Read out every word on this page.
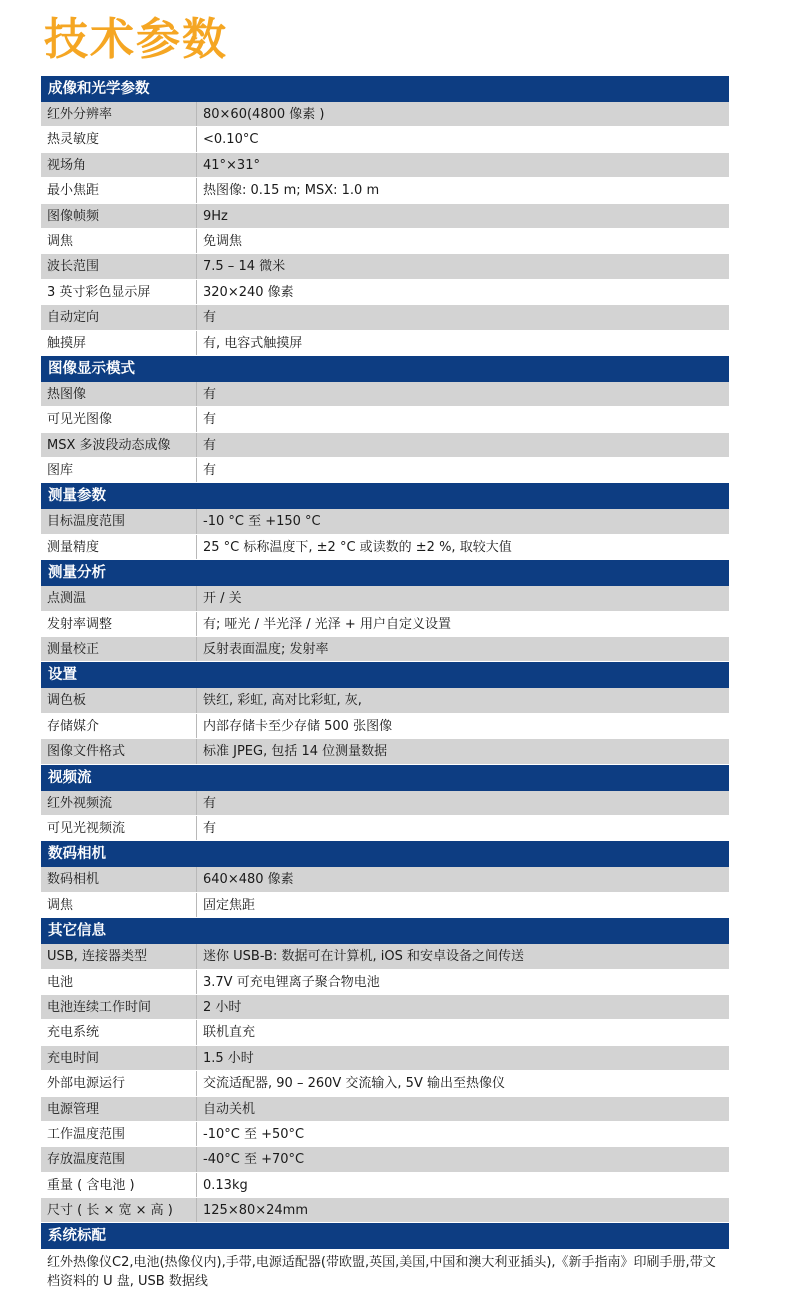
技术参数
成像和光学参数
红外分辨率	80×60(4800 像素 )
热灵敏度	<0.10°C
视场角	41°×31°
最小焦距	热图像: 0.15 m; MSX: 1.0 m
图像帧频	9Hz
调焦	免调焦
波长范围	7.5 – 14 微米
3 英寸彩色显示屏	320×240 像素
自动定向	有
触摸屏	有, 电容式触摸屏
图像显示模式
热图像	有
可见光图像	有
MSX 多波段动态成像	有
图库	有
测量参数
目标温度范围	-10 °C 至 +150 °C
测量精度	25 °C 标称温度下, ±2 °C 或读数的 ±2 %, 取较大值
测量分析
点测温	开 / 关
发射率调整	有; 哑光 / 半光泽 / 光泽 + 用户自定义设置
测量校正	反射表面温度; 发射率
设置
调色板	铁红, 彩虹, 高对比彩虹, 灰,
存储媒介	内部存储卡至少存储 500 张图像
图像文件格式	标准 JPEG, 包括 14 位测量数据
视频流
红外视频流	有
可见光视频流	有
数码相机
数码相机	640×480 像素
调焦	固定焦距
其它信息
USB, 连接器类型	迷你 USB-B: 数据可在计算机, iOS 和安卓设备之间传送
电池	3.7V 可充电锂离子聚合物电池
电池连续工作时间	2 小时
充电系统	联机直充
充电时间	1.5 小时
外部电源运行	交流适配器, 90 – 260V 交流输入, 5V 输出至热像仪
电源管理	自动关机
工作温度范围	-10°C 至 +50°C
存放温度范围	-40°C 至 +70°C
重量 ( 含电池 )	0.13kg
尺寸 ( 长 × 宽 × 高 )	125×80×24mm
系统标配
红外热像仪C2,电池(热像仪内),手带,电源适配器(带欧盟,英国,美国,中国和澳大利亚插头),《新手指南》印刷手册,带文档资料的 U 盘, USB 数据线
